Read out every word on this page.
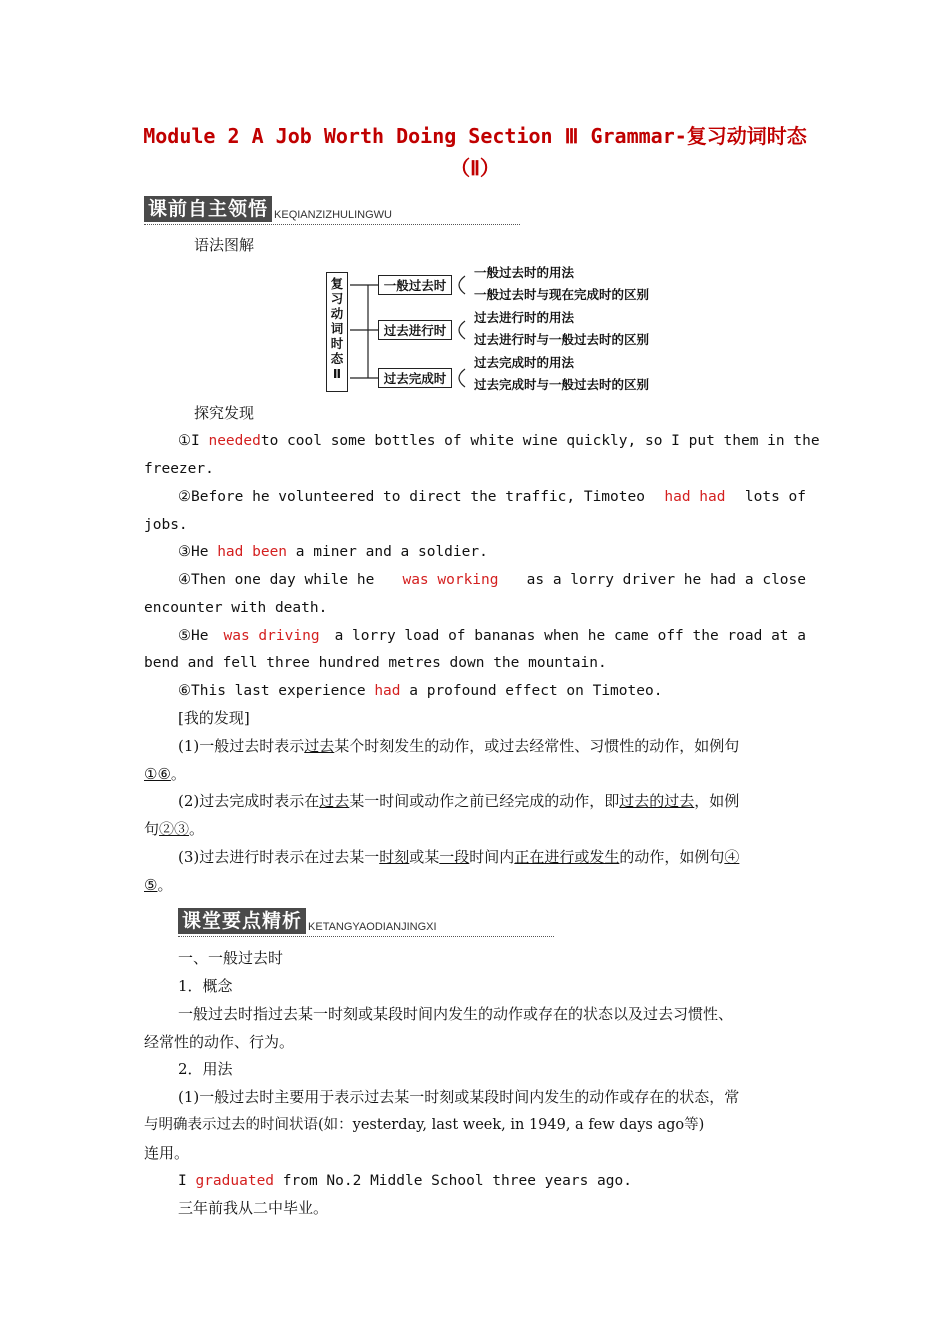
Module 2 A Job Worth Doing Section Ⅲ Grammar-复习动词时态
（Ⅱ）
课前自主领悟 KEQIANZIZHULINGWU
语法图解
复
习
动
词
时
态
Ⅱ
一般过去时
过去进行时
过去完成时
一般过去时的用法
一般过去时与现在完成时的区别
过去进行时的用法
过去进行时与一般过去时的区别
过去完成时的用法
过去完成时与一般过去时的区别
探究发现
①I needed to cool some bottles of white wine quickly, so I put them in the
freezer.
②Before he volunteered to direct the traffic, Timoteo had had lots of
jobs.
③He had been a miner and a soldier.
④Then one day while he was working as a lorry driver he had a close
encounter with death.
⑤He was driving a lorry load of bananas when he came off the road at a
bend and fell three hundred metres down the mountain.
⑥This last experience had a profound effect on Timoteo.
[我的发现]
(1)一般过去时表示过去某个时刻发生的动作，或过去经常性、习惯性的动作，如例句
①⑥。
(2)过去完成时表示在过去某一时间或动作之前已经完成的动作，即过去的过去，如例
句②③。
(3)过去进行时表示在过去某一时刻或某一段时间内正在进行或发生的动作，如例句④
⑤。
课堂要点精析 KETANGYAODIANJINGXI
一、一般过去时
1．概念
一般过去时指过去某一时刻或某段时间内发生的动作或存在的状态以及过去习惯性、
经常性的动作、行为。
2．用法
(1)一般过去时主要用于表示过去某一时刻或某段时间内发生的动作或存在的状态，常
与明确表示过去的时间状语(如：yesterday, last week, in 1949, a few days ago等)
连用。
I graduated from No.2 Middle School three years ago.
三年前我从二中毕业。
